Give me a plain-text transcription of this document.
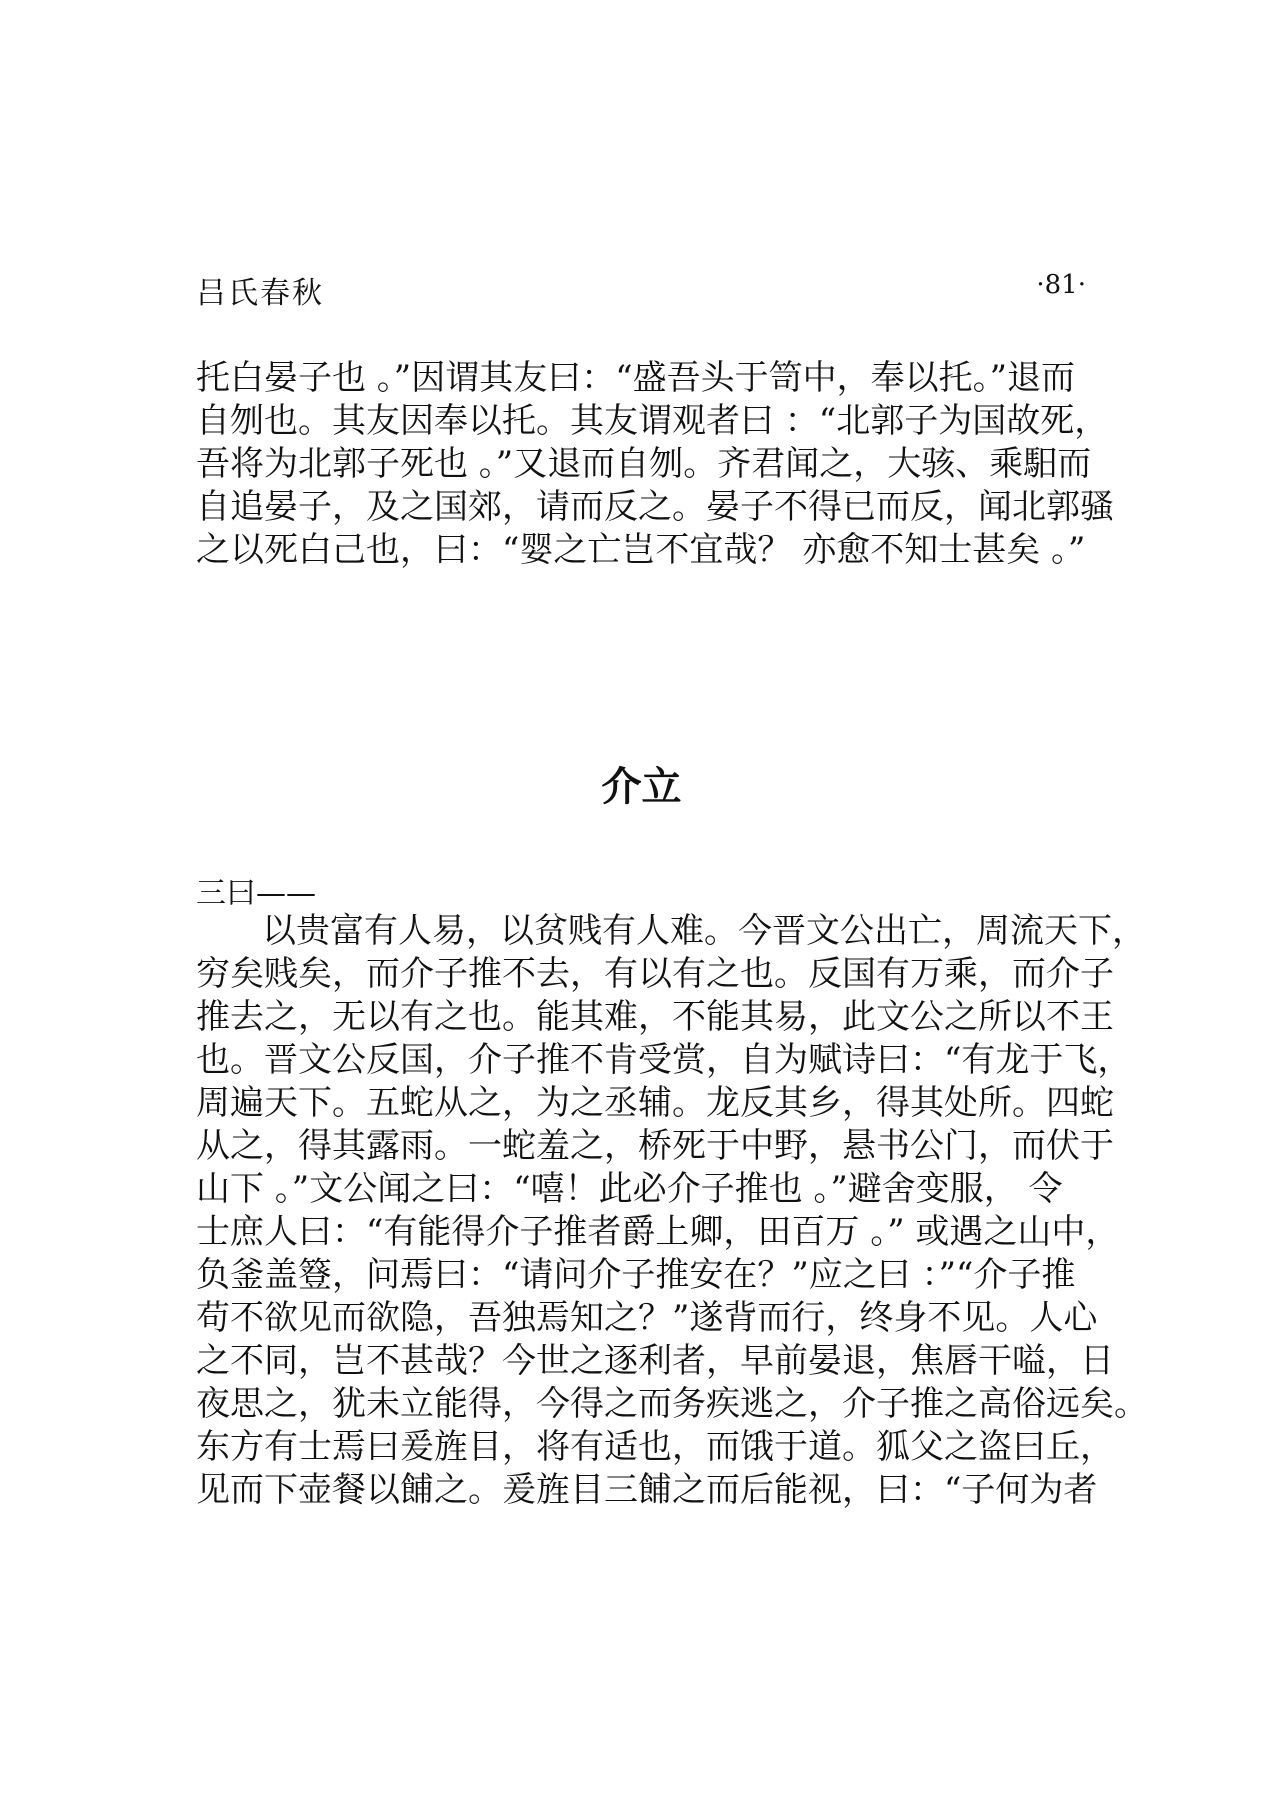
吕氏春秋	·81·
托白晏子也 。”因谓其友曰：“盛吾头于笥中，奉以托。”退而
自刎也。其友因奉以托。其友谓观者曰 ：“北郭子为国故死，
吾将为北郭子死也 。”又退而自刎。齐君闻之，大骇、乘馹而
自追晏子，及之国郊，请而反之。晏子不得已而反，闻北郭骚
之以死白己也，曰：“婴之亡岂不宜哉？ 亦愈不知士甚矣 。”
介立
三曰——
以贵富有人易，以贫贱有人难。今晋文公出亡，周流天下，
穷矣贱矣，而介子推不去，有以有之也。反国有万乘，而介子
推去之，无以有之也。能其难，不能其易，此文公之所以不王
也。晋文公反国，介子推不肯受赏，自为赋诗曰：“有龙于飞，
周遍天下。五蛇从之，为之丞辅。龙反其乡，得其处所。四蛇
从之，得其露雨。一蛇羞之，桥死于中野，悬书公门，而伏于
山下 。”文公闻之曰：“嘻！此必介子推也 。”避舍变服， 令
士庶人曰：“有能得介子推者爵上卿，田百万 。” 或遇之山中，
负釜盖簦，问焉曰：“请问介子推安在？”应之曰 ：”“介子推
苟不欲见而欲隐，吾独焉知之？”遂背而行，终身不见。人心
之不同，岂不甚哉？今世之逐利者，早前晏退，焦唇干嗌，日
夜思之，犹未立能得，今得之而务疾逃之，介子推之高俗远矣。
东方有士焉曰爰旌目，将有适也，而饿于道。狐父之盗曰丘，
见而下壶餐以餔之。爰旌目三餔之而后能视，曰：“子何为者
